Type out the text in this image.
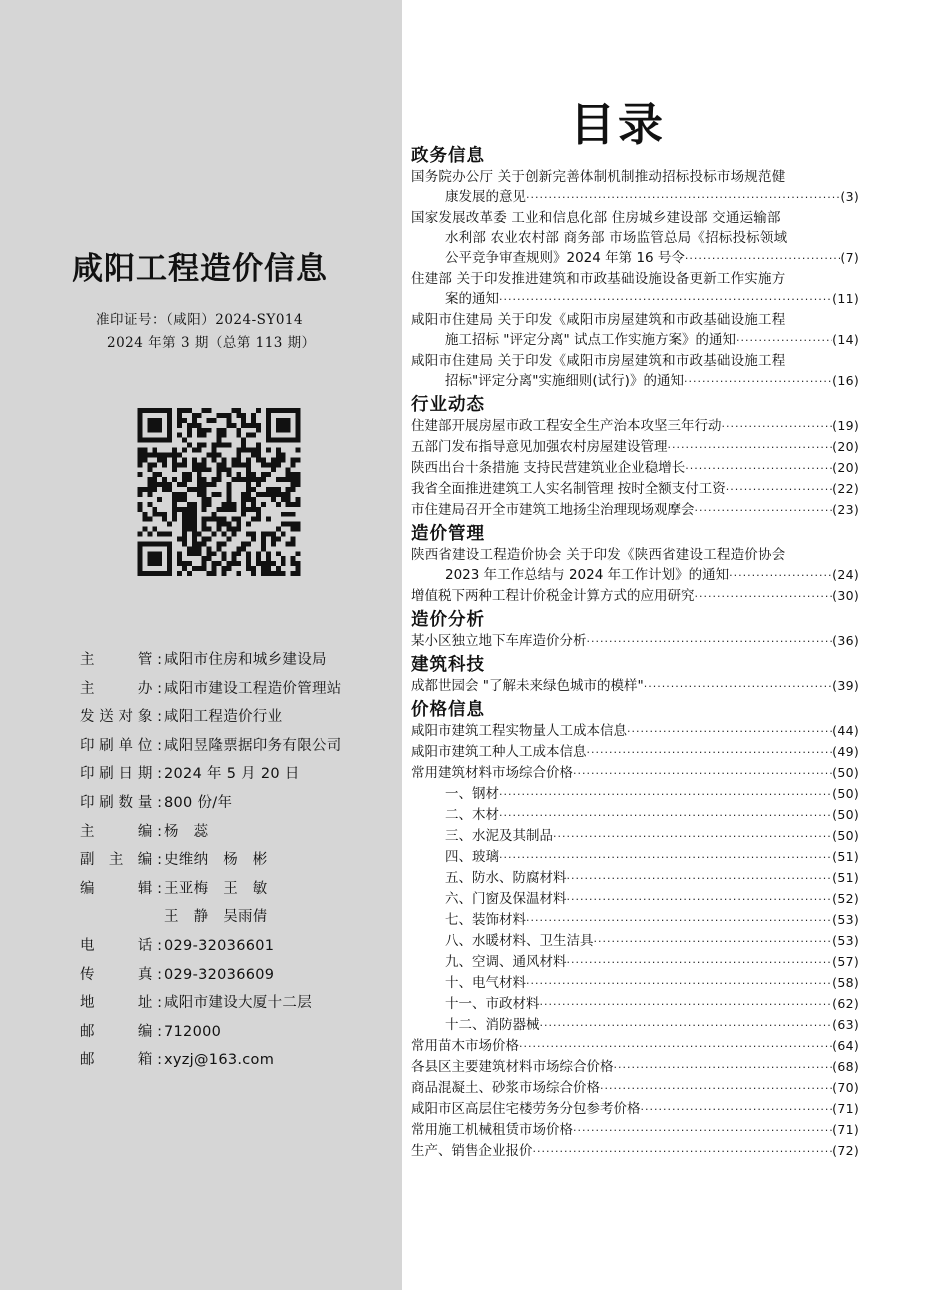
咸阳工程造价信息
准印证号：（咸阳）2024-SY014
2024 年第 3 期（总第 113 期）
主　　管: 咸阳市住房和城乡建设局
主　　办: 咸阳市建设工程造价管理站
发送对象: 咸阳工程造价行业
印刷单位: 咸阳昱隆票据印务有限公司
印刷日期: 2024 年 5 月 20 日
印刷数量: 800 份/年
主　　编: 杨　蕊
副 主 编: 史维纳　杨　彬
编　　辑: 王亚梅　王　敏
王　静　吴雨倩
电　　话: 029-32036601
传　　真: 029-32036609
地　　址: 咸阳市建设大厦十二层
邮　　编: 712000
邮　　箱: xyzj@163.com
目录
政务信息
国务院办公厅 关于创新完善体制机制推动招标投标市场规范健
康发展的意见 ·····	(3)
国家发展改革委 工业和信息化部 住房城乡建设部 交通运输部
水利部 农业农村部 商务部 市场监管总局《招标投标领域
公平竞争审查规则》2024 年第 16 号令 ·····	(7)
住建部 关于印发推进建筑和市政基础设施设备更新工作实施方
案的通知 ·····	(11)
咸阳市住建局 关于印发《咸阳市房屋建筑和市政基础设施工程
施工招标 "评定分离" 试点工作实施方案》的通知 ·····	(14)
咸阳市住建局 关于印发《咸阳市房屋建筑和市政基础设施工程
招标"评定分离"实施细则(试行)》的通知 ·····	(16)
行业动态
住建部开展房屋市政工程安全生产治本攻坚三年行动 ·····	(19)
五部门发布指导意见加强农村房屋建设管理 ·····	(20)
陕西出台十条措施 支持民营建筑业企业稳增长 ·····	(20)
我省全面推进建筑工人实名制管理 按时全额支付工资 ·····	(22)
市住建局召开全市建筑工地扬尘治理现场观摩会 ·····	(23)
造价管理
陕西省建设工程造价协会 关于印发《陕西省建设工程造价协会
2023 年工作总结与 2024 年工作计划》的通知 ·····	(24)
增值税下两种工程计价税金计算方式的应用研究 ·····	(30)
造价分析
某小区独立地下车库造价分析 ·····	(36)
建筑科技
成都世园会 "了解未来绿色城市的模样" ·····	(39)
价格信息
咸阳市建筑工程实物量人工成本信息 ·····	(44)
咸阳市建筑工种人工成本信息 ·····	(49)
常用建筑材料市场综合价格 ·····	(50)
一、钢材 ·····	(50)
二、木材 ·····	(50)
三、水泥及其制品 ·····	(50)
四、玻璃 ·····	(51)
五、防水、防腐材料 ·····	(51)
六、门窗及保温材料 ·····	(52)
七、装饰材料 ·····	(53)
八、水暖材料、卫生洁具 ·····	(53)
九、空调、通风材料 ·····	(57)
十、电气材料 ·····	(58)
十一、市政材料 ·····	(62)
十二、消防器械 ·····	(63)
常用苗木市场价格 ·····	(64)
各县区主要建筑材料市场综合价格 ·····	(68)
商品混凝土、砂浆市场综合价格 ·····	(70)
咸阳市区高层住宅楼劳务分包参考价格 ·····	(71)
常用施工机械租赁市场价格 ·····	(71)
生产、销售企业报价 ·····	(72)
